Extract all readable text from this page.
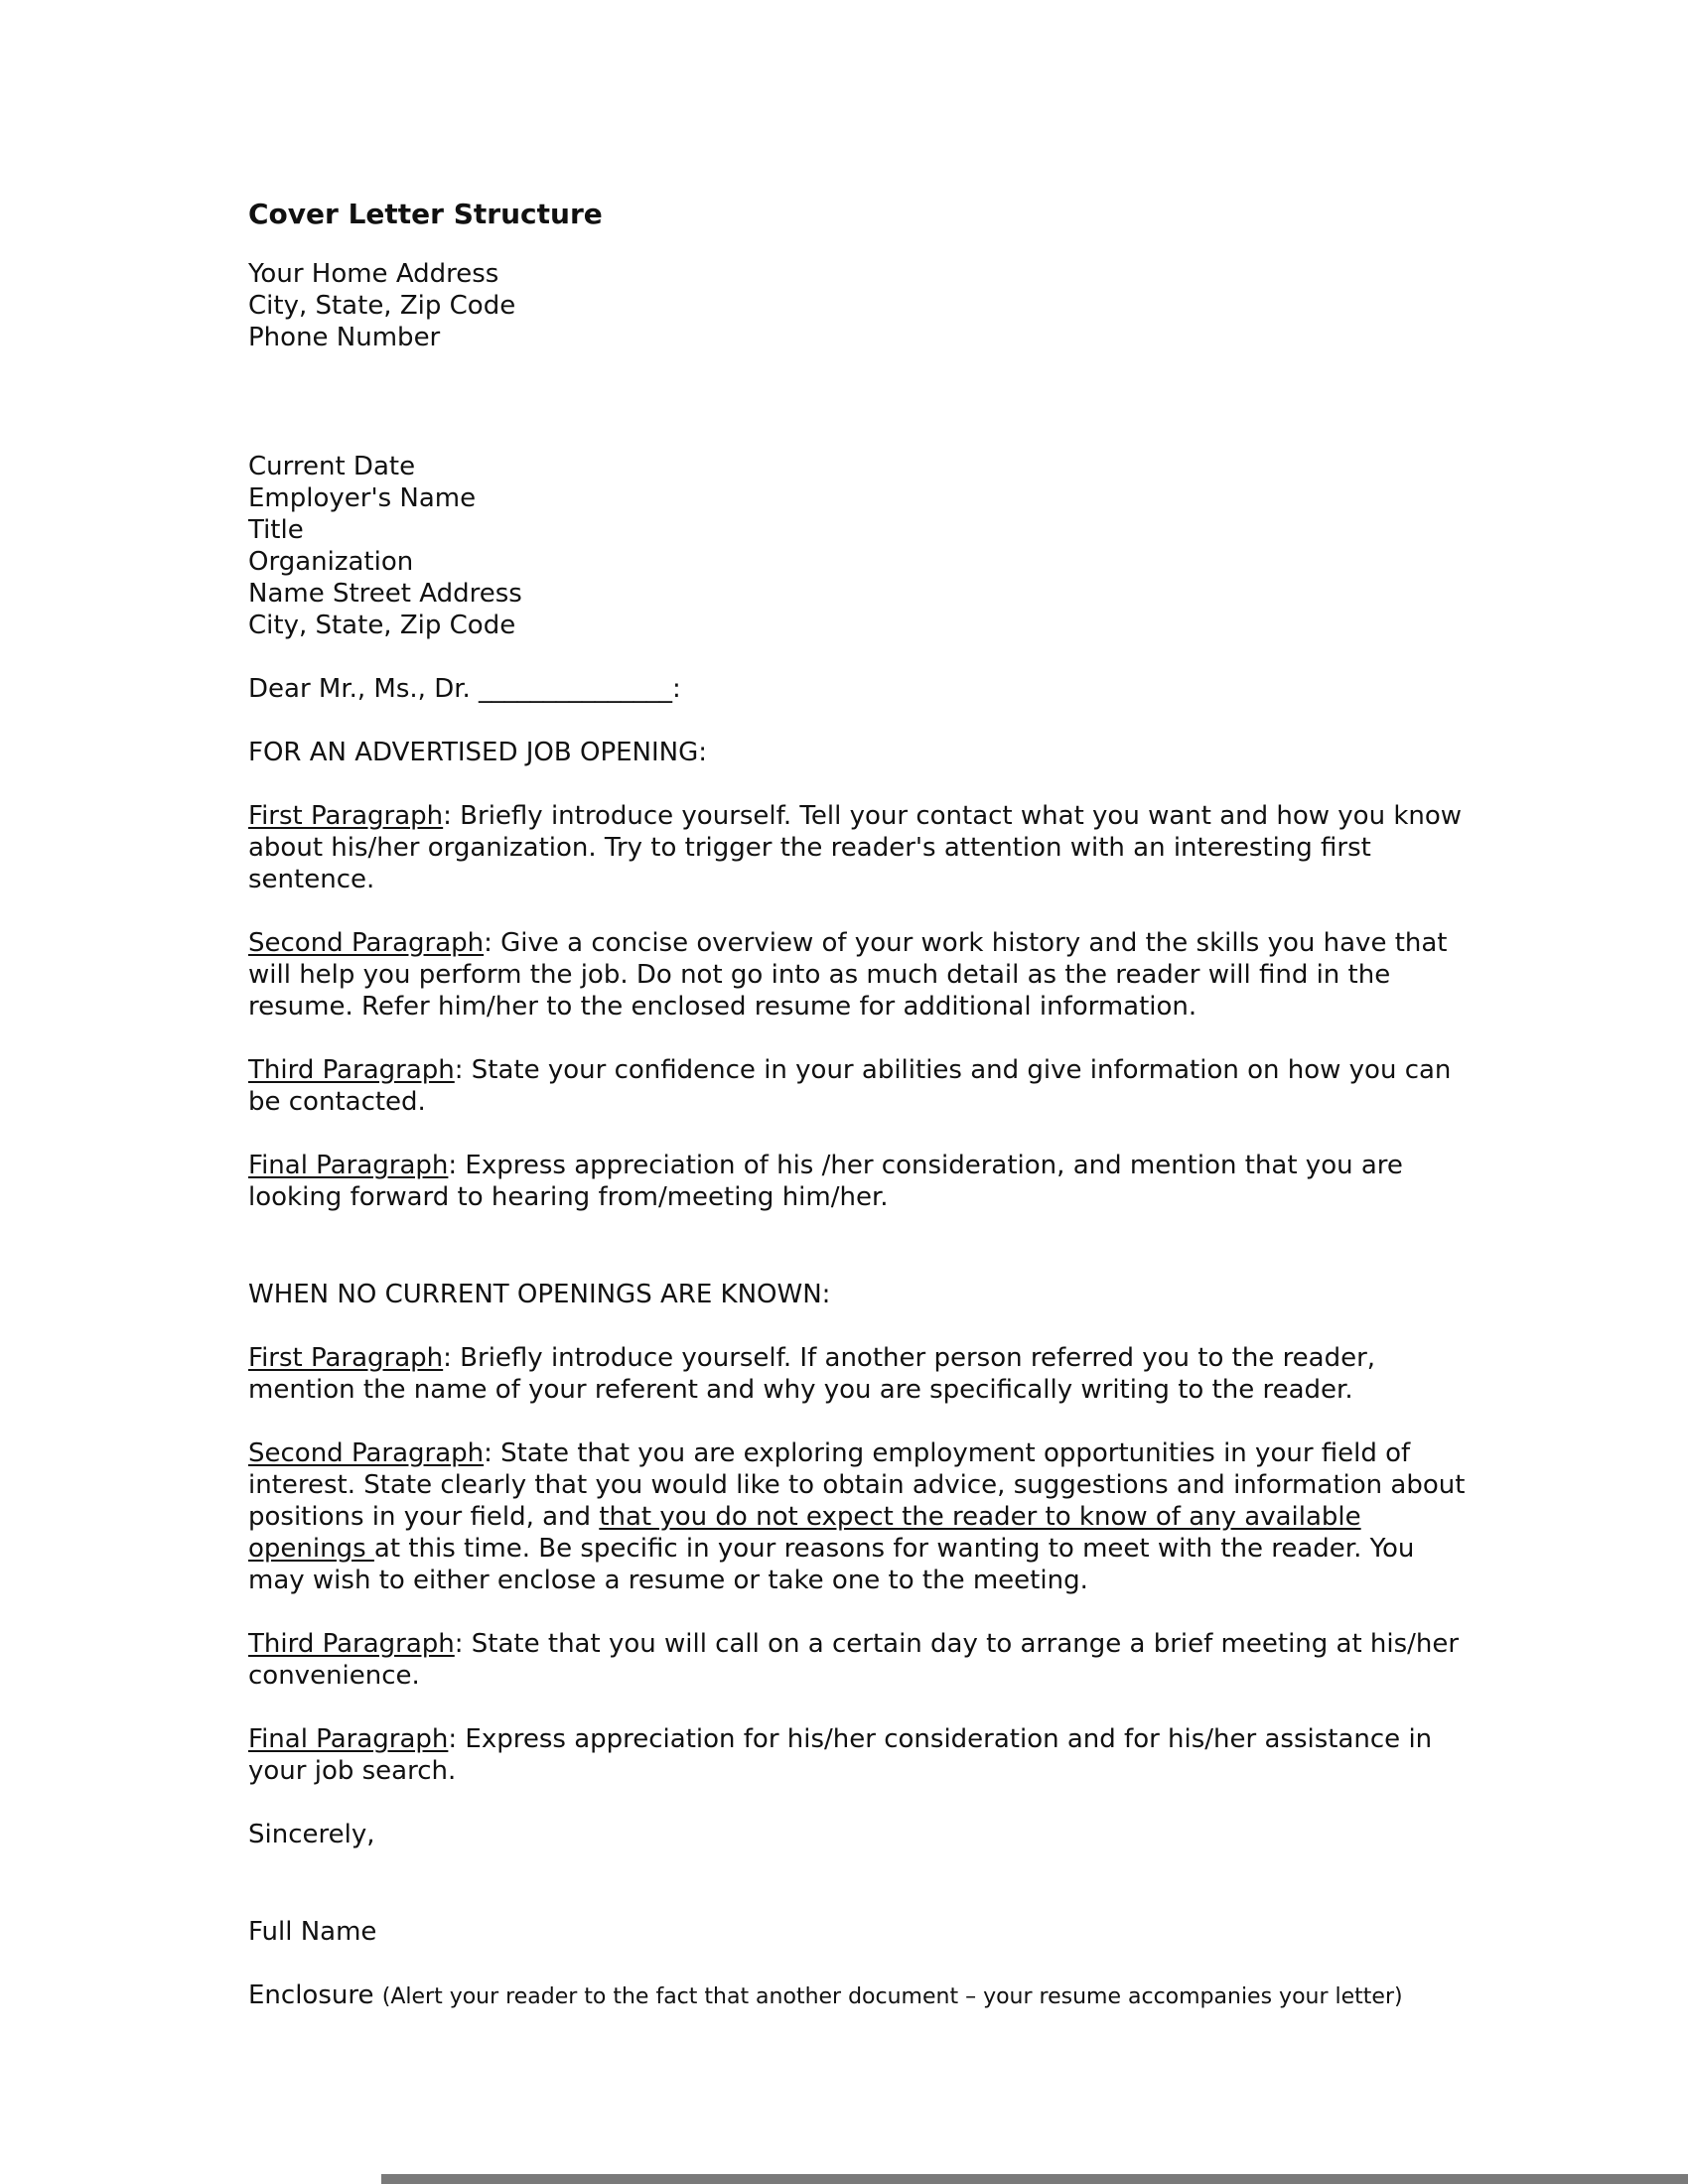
Cover Letter Structure
Your Home Address
City, State, Zip Code
Phone Number
Current Date
Employer's Name
Title
Organization
Name Street Address
City, State, Zip Code

Dear Mr., Ms., Dr. _______________:

FOR AN ADVERTISED JOB OPENING:

First Paragraph: Briefly introduce yourself. Tell your contact what you want and how you know about his/her organization. Try to trigger the reader's attention with an interesting first sentence.

Second Paragraph: Give a concise overview of your work history and the skills you have that will help you perform the job. Do not go into as much detail as the reader will find in the resume. Refer him/her to the enclosed resume for additional information.

Third Paragraph: State your confidence in your abilities and give information on how you can be contacted.

Final Paragraph: Express appreciation of his /her consideration, and mention that you are looking forward to hearing from/meeting him/her.

WHEN NO CURRENT OPENINGS ARE KNOWN:

First Paragraph: Briefly introduce yourself. If another person referred you to the reader, mention the name of your referent and why you are specifically writing to the reader.

Second Paragraph: State that you are exploring employment opportunities in your field of interest. State clearly that you would like to obtain advice, suggestions and information about positions in your field, and that you do not expect the reader to know of any available openings at this time. Be specific in your reasons for wanting to meet with the reader. You may wish to either enclose a resume or take one to the meeting.

Third Paragraph: State that you will call on a certain day to arrange a brief meeting at his/her convenience.

Final Paragraph: Express appreciation for his/her consideration and for his/her assistance in your job search.

Sincerely,

Full Name

Enclosure (Alert your reader to the fact that another document – your resume accompanies your letter)
